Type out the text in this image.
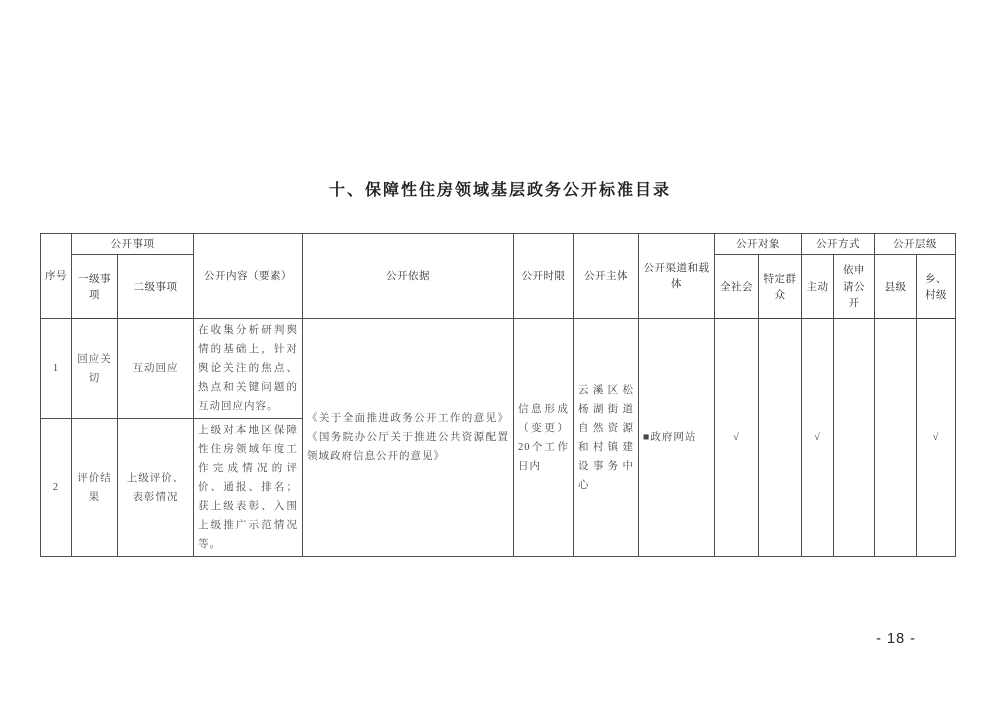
十、保障性住房领域基层政务公开标准目录
序号	公开事项		公开内容（要素）	公开依据	公开时限	公开主体	公开渠道和载体	公开对象		公开方式		公开层级	
	一级事项	二级事项						全社会	特定群众	主动	依申请公开	县级	乡、村级
1	回应关切	互动回应	在收集分析研判舆情的基础上，针对舆论关注的焦点、热点和关键问题的互动回应内容。	《关于全面推进政务公开工作的意见》《国务院办公厅关于推进公共资源配置领域政府信息公开的意见》	信息形成（变更）20个工作日内	云溪区松杨湖街道自然资源和村镇建设事务中心	■政府网站	√		√			√
2	评价结果	上级评价、表彰情况	上级对本地区保障性住房领域年度工作完成情况的评价、通报、排名；获上级表彰、入围上级推广示范情况等。										
- 18 -
